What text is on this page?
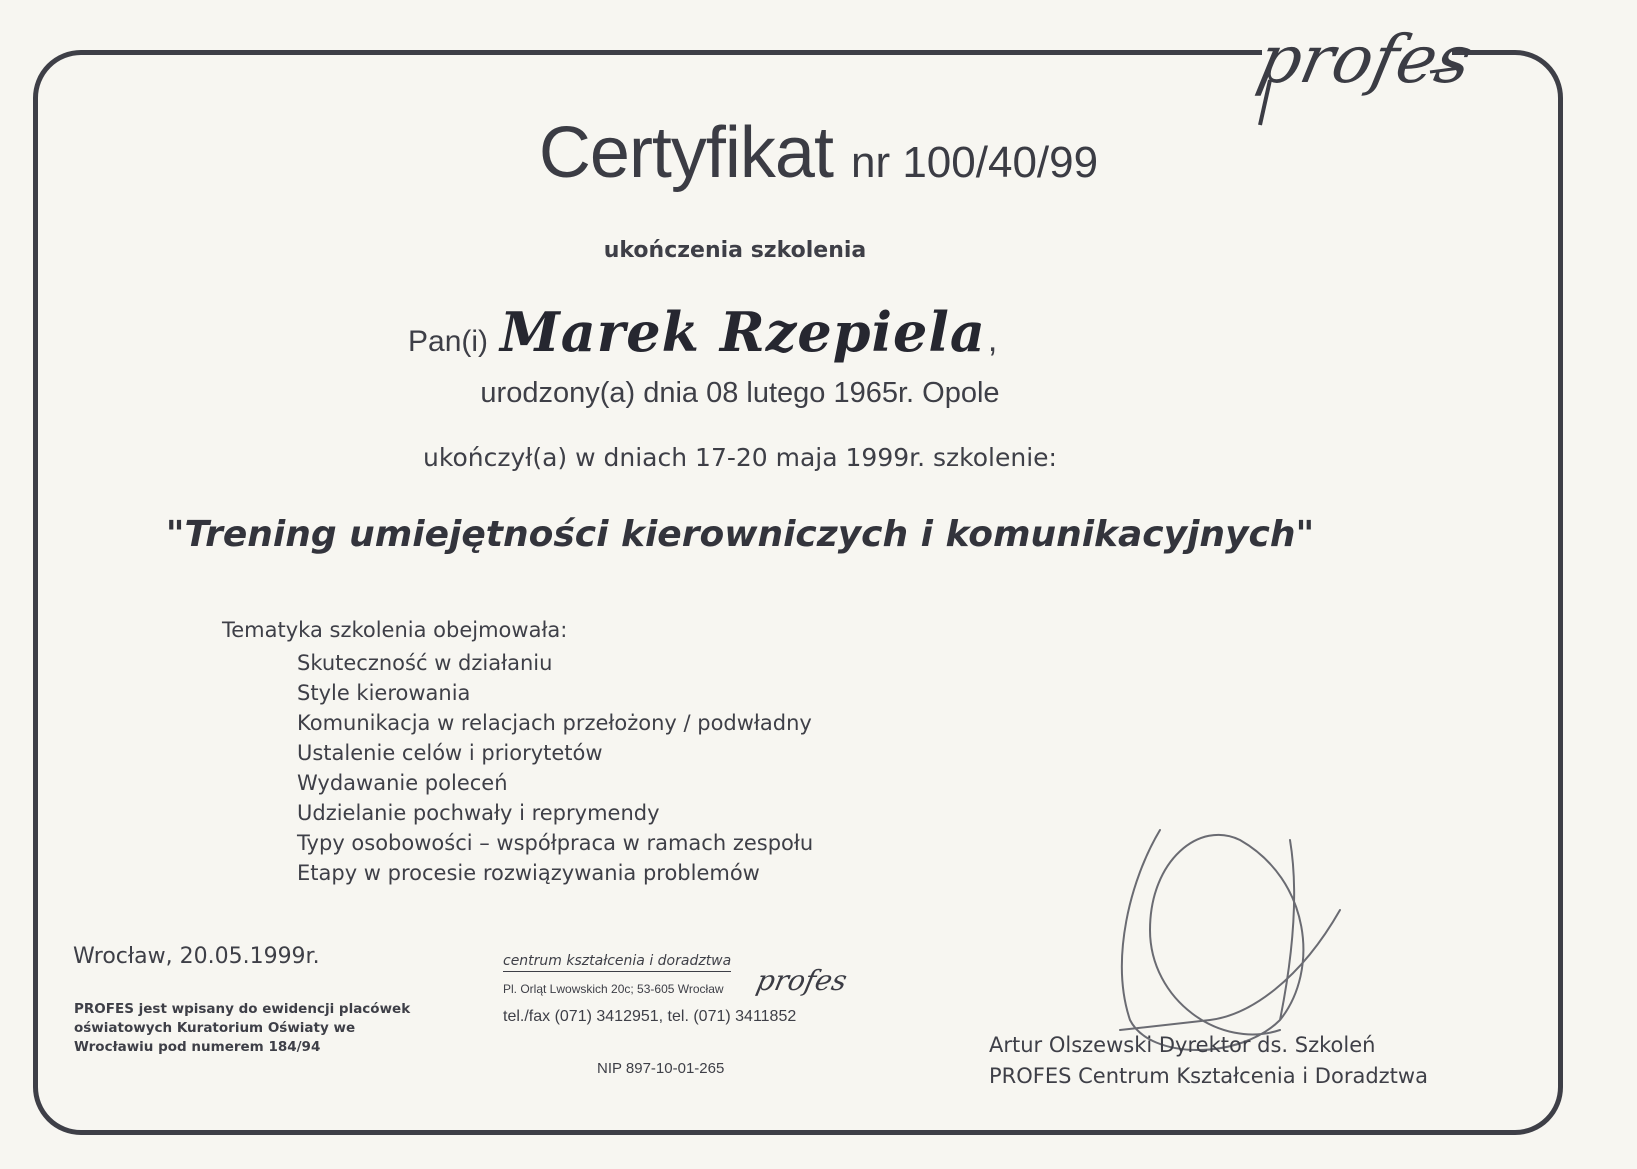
profes
Certyfikat nr 100/40/99
ukończenia szkolenia
Pan(i) Marek Rzepiela,
urodzony(a) dnia 08 lutego 1965r. Opole
ukończył(a) w dniach 17-20 maja 1999r. szkolenie:
"Trening umiejętności kierowniczych i komunikacyjnych"
Tematyka szkolenia obejmowała:
Skuteczność w działaniu
Style kierowania
Komunikacja w relacjach przełożony / podwładny
Ustalenie celów i priorytetów
Wydawanie poleceń
Udzielanie pochwały i reprymendy
Typy osobowości – współpraca w ramach zespołu
Etapy w procesie rozwiązywania problemów
Wrocław, 20.05.1999r.
PROFES jest wpisany do ewidencji placówek oświatowych Kuratorium Oświaty we Wrocławiu pod numerem 184/94
centrum kształcenia i doradztwa
Pl. Orląt Lwowskich 20c; 53-605 Wrocław
tel./fax (071) 3412951, tel. (071) 3411852
profes
NIP 897-10-01-265
Artur Olszewski Dyrektor ds. Szkoleń
PROFES Centrum Kształcenia i Doradztwa
